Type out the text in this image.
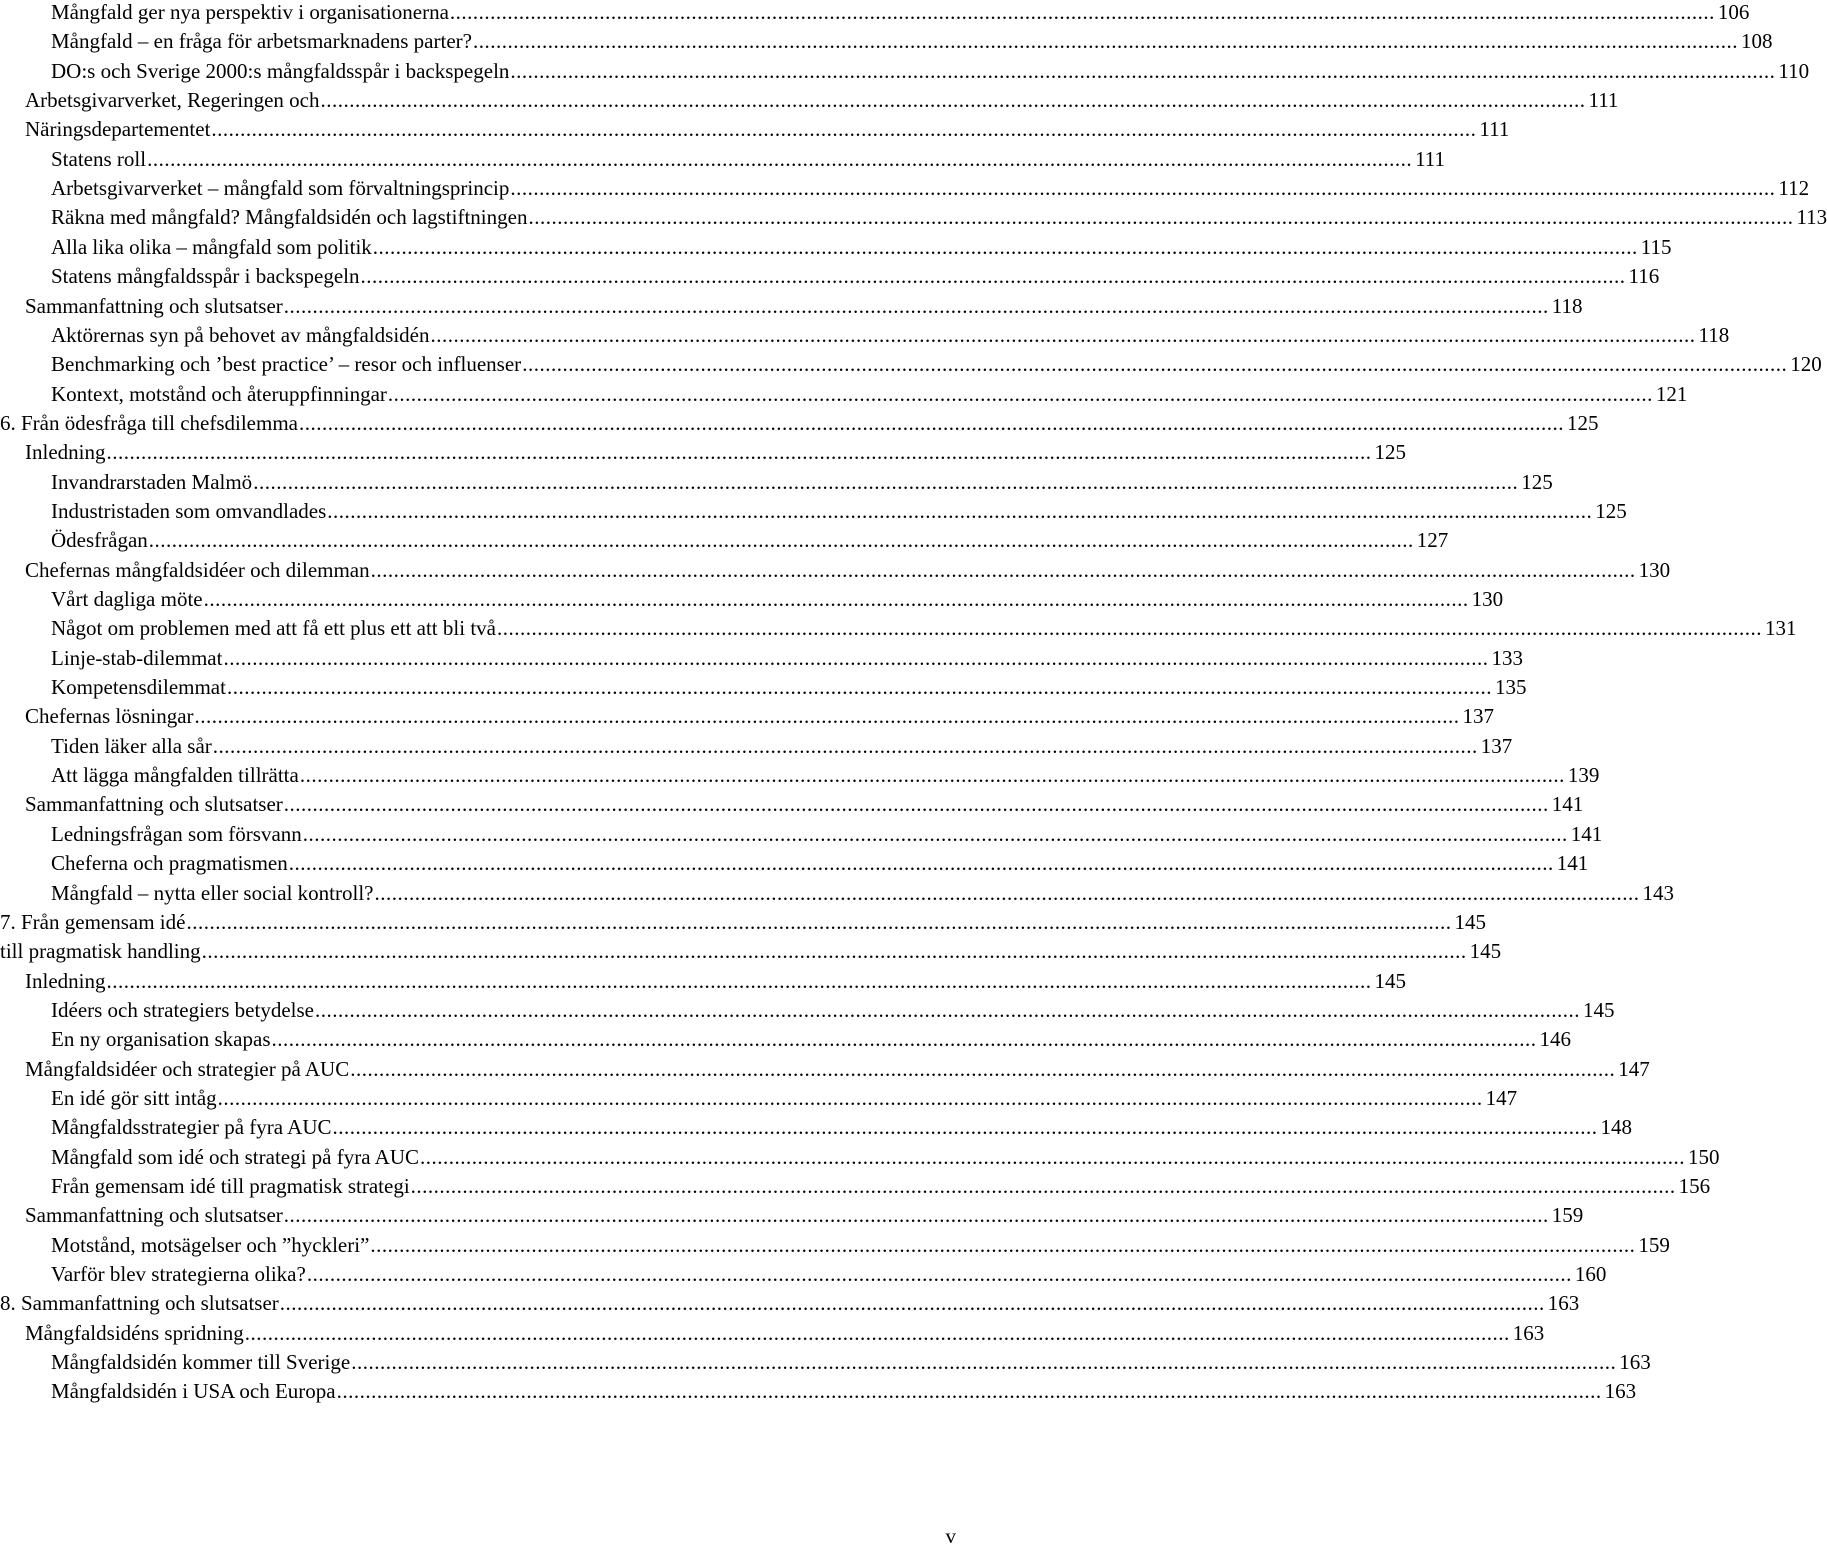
Mångfald ger nya perspektiv i organisationerna ............................................................................................................................................................................................................................ 106
Mångfald – en fråga för arbetsmarknadens parter? ............................................................................................................................................................................................................................ 108
DO:s och Sverige 2000:s mångfaldsspår i backspegeln ............................................................................................................................................................................................................................ 110
Arbetsgivarverket, Regeringen och ............................................................................................................................................................................................................................ 111
Näringsdepartementet ............................................................................................................................................................................................................................ 111
Statens roll ............................................................................................................................................................................................................................ 111
Arbetsgivarverket – mångfald som förvaltningsprincip ............................................................................................................................................................................................................................ 112
Räkna med mångfald? Mångfaldsidén och lagstiftningen ............................................................................................................................................................................................................................ 113
Alla lika olika – mångfald som politik ............................................................................................................................................................................................................................ 115
Statens mångfaldsspår i backspegeln ............................................................................................................................................................................................................................ 116
Sammanfattning och slutsatser ............................................................................................................................................................................................................................ 118
Aktörernas syn på behovet av mångfaldsidén ............................................................................................................................................................................................................................ 118
Benchmarking och ’best practice’ – resor och influenser ............................................................................................................................................................................................................................ 120
Kontext, motstånd och återuppfinningar ............................................................................................................................................................................................................................ 121
6. Från ödesfråga till chefsdilemma ............................................................................................................................................................................................................................ 125
Inledning ............................................................................................................................................................................................................................ 125
Invandrarstaden Malmö ............................................................................................................................................................................................................................ 125
Industristaden som omvandlades ............................................................................................................................................................................................................................ 125
Ödesfrågan ............................................................................................................................................................................................................................ 127
Chefernas mångfaldsidéer och dilemman ............................................................................................................................................................................................................................ 130
Vårt dagliga möte ............................................................................................................................................................................................................................ 130
Något om problemen med att få ett plus ett att bli två ............................................................................................................................................................................................................................ 131
Linje-stab-dilemmat ............................................................................................................................................................................................................................ 133
Kompetensdilemmat ............................................................................................................................................................................................................................ 135
Chefernas lösningar ............................................................................................................................................................................................................................ 137
Tiden läker alla sår ............................................................................................................................................................................................................................ 137
Att lägga mångfalden tillrätta ............................................................................................................................................................................................................................ 139
Sammanfattning och slutsatser ............................................................................................................................................................................................................................ 141
Ledningsfrågan som försvann ............................................................................................................................................................................................................................ 141
Cheferna och pragmatismen ............................................................................................................................................................................................................................ 141
Mångfald – nytta eller social kontroll? ............................................................................................................................................................................................................................ 143
7. Från gemensam idé ............................................................................................................................................................................................................................ 145
till pragmatisk handling ............................................................................................................................................................................................................................ 145
Inledning ............................................................................................................................................................................................................................ 145
Idéers och strategiers betydelse ............................................................................................................................................................................................................................ 145
En ny organisation skapas ............................................................................................................................................................................................................................ 146
Mångfaldsidéer och strategier på AUC ............................................................................................................................................................................................................................ 147
En idé gör sitt intåg ............................................................................................................................................................................................................................ 147
Mångfaldsstrategier på fyra AUC ............................................................................................................................................................................................................................ 148
Mångfald som idé och strategi på fyra AUC ............................................................................................................................................................................................................................ 150
Från gemensam idé till pragmatisk strategi ............................................................................................................................................................................................................................ 156
Sammanfattning och slutsatser ............................................................................................................................................................................................................................ 159
Motstånd, motsägelser och ”hyckleri” ............................................................................................................................................................................................................................ 159
Varför blev strategierna olika? ............................................................................................................................................................................................................................ 160
8. Sammanfattning och slutsatser ............................................................................................................................................................................................................................ 163
Mångfaldsidéns spridning ............................................................................................................................................................................................................................ 163
Mångfaldsidén kommer till Sverige ............................................................................................................................................................................................................................ 163
Mångfaldsidén i USA och Europa ............................................................................................................................................................................................................................ 163
v
